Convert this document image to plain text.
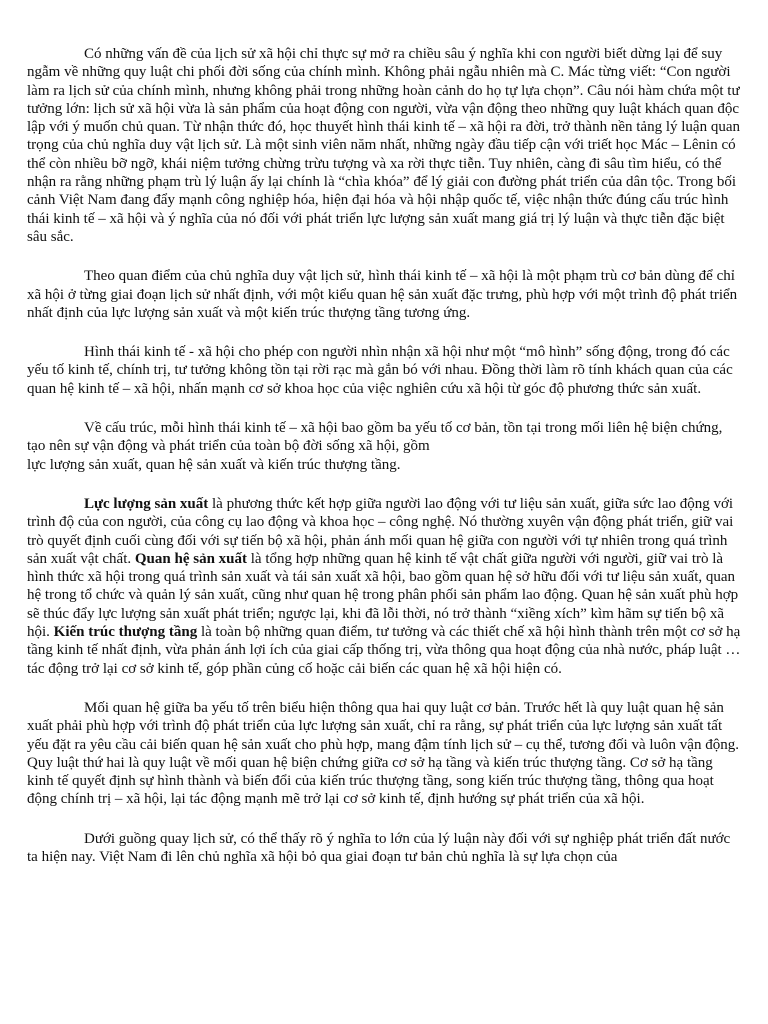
Có những vấn đề của lịch sử xã hội chỉ thực sự mở ra chiều sâu ý nghĩa khi con người biết dừng lại để suy ngẫm về những quy luật chi phối đời sống của chính mình. Không phải ngẫu nhiên mà C. Mác từng viết: “Con người làm ra lịch sử của chính mình, nhưng không phải trong những hoàn cảnh do họ tự lựa chọn”. Câu nói hàm chứa một tư tưởng lớn: lịch sử xã hội vừa là sản phẩm của hoạt động con người, vừa vận động theo những quy luật khách quan độc lập với ý muốn chủ quan. Từ nhận thức đó, học thuyết hình thái kinh tế – xã hội ra đời, trở thành nền tảng lý luận quan trọng của chủ nghĩa duy vật lịch sử. Là một sinh viên năm nhất, những ngày đầu tiếp cận với triết học Mác – Lênin có thể còn nhiều bỡ ngỡ, khái niệm tưởng chừng trừu tượng và xa rời thực tiễn. Tuy nhiên, càng đi sâu tìm hiểu, có thể nhận ra rằng những phạm trù lý luận ấy lại chính là “chìa khóa” để lý giải con đường phát triển của dân tộc. Trong bối cảnh Việt Nam đang đẩy mạnh công nghiệp hóa, hiện đại hóa và hội nhập quốc tế, việc nhận thức đúng cấu trúc hình thái kinh tế – xã hội và ý nghĩa của nó đối với phát triển lực lượng sản xuất mang giá trị lý luận và thực tiễn đặc biệt sâu sắc.

Theo quan điểm của chủ nghĩa duy vật lịch sử, hình thái kinh tế – xã hội là một phạm trù cơ bản dùng để chỉ xã hội ở từng giai đoạn lịch sử nhất định, với một kiểu quan hệ sản xuất đặc trưng, phù hợp với một trình độ phát triển nhất định của lực lượng sản xuất và một kiến trúc thượng tầng tương ứng.

Hình thái kinh tế - xã hội cho phép con người nhìn nhận xã hội như một “mô hình” sống động, trong đó các yếu tố kinh tế, chính trị, tư tưởng không tồn tại rời rạc mà gắn bó với nhau. Đồng thời làm rõ tính khách quan của các quan hệ kinh tế – xã hội, nhấn mạnh cơ sở khoa học của việc nghiên cứu xã hội từ góc độ phương thức sản xuất.

Về cấu trúc, mỗi hình thái kinh tế – xã hội bao gồm ba yếu tố cơ bản, tồn tại trong mối liên hệ biện chứng, tạo nên sự vận động và phát triển của toàn bộ đời sống xã hội, gồm
lực lượng sản xuất, quan hệ sản xuất và kiến trúc thượng tầng.

Lực lượng sản xuất là phương thức kết hợp giữa người lao động với tư liệu sản xuất, giữa sức lao động với trình độ của con người, của công cụ lao động và khoa học – công nghệ. Nó thường xuyên vận động phát triển, giữ vai trò quyết định cuối cùng đối với sự tiến bộ xã hội, phản ánh mối quan hệ giữa con người với tự nhiên trong quá trình sản xuất vật chất. Quan hệ sản xuất là tổng hợp những quan hệ kinh tế vật chất giữa người với người, giữ vai trò là hình thức xã hội trong quá trình sản xuất và tái sản xuất xã hội, bao gồm quan hệ sở hữu đối với tư liệu sản xuất, quan hệ trong tổ chức và quản lý sản xuất, cũng như quan hệ trong phân phối sản phẩm lao động. Quan hệ sản xuất phù hợp sẽ thúc đẩy lực lượng sản xuất phát triển; ngược lại, khi đã lỗi thời, nó trở thành “xiềng xích” kìm hãm sự tiến bộ xã hội. Kiến trúc thượng tầng là toàn bộ những quan điểm, tư tưởng và các thiết chế xã hội hình thành trên một cơ sở hạ tầng kinh tế nhất định, vừa phản ánh lợi ích của giai cấp thống trị, vừa thông qua hoạt động của nhà nước, pháp luật … tác động trở lại cơ sở kinh tế, góp phần củng cố hoặc cải biến các quan hệ xã hội hiện có.

Mối quan hệ giữa ba yếu tố trên biểu hiện thông qua hai quy luật cơ bản. Trước hết là quy luật quan hệ sản xuất phải phù hợp với trình độ phát triển của lực lượng sản xuất, chỉ ra rằng, sự phát triển của lực lượng sản xuất tất yếu đặt ra yêu cầu cải biến quan hệ sản xuất cho phù hợp, mang đậm tính lịch sử – cụ thể, tương đối và luôn vận động. Quy luật thứ hai là quy luật về mối quan hệ biện chứng giữa cơ sở hạ tầng và kiến trúc thượng tầng. Cơ sở hạ tầng kinh tế quyết định sự hình thành và biến đổi của kiến trúc thượng tầng, song kiến trúc thượng tầng, thông qua hoạt động chính trị – xã hội, lại tác động mạnh mẽ trở lại cơ sở kinh tế, định hướng sự phát triển của xã hội.

Dưới guồng quay lịch sử, có thể thấy rõ ý nghĩa to lớn của lý luận này đối với sự nghiệp phát triển đất nước ta hiện nay. Việt Nam đi lên chủ nghĩa xã hội bỏ qua giai đoạn tư bản chủ nghĩa là sự lựa chọn của
